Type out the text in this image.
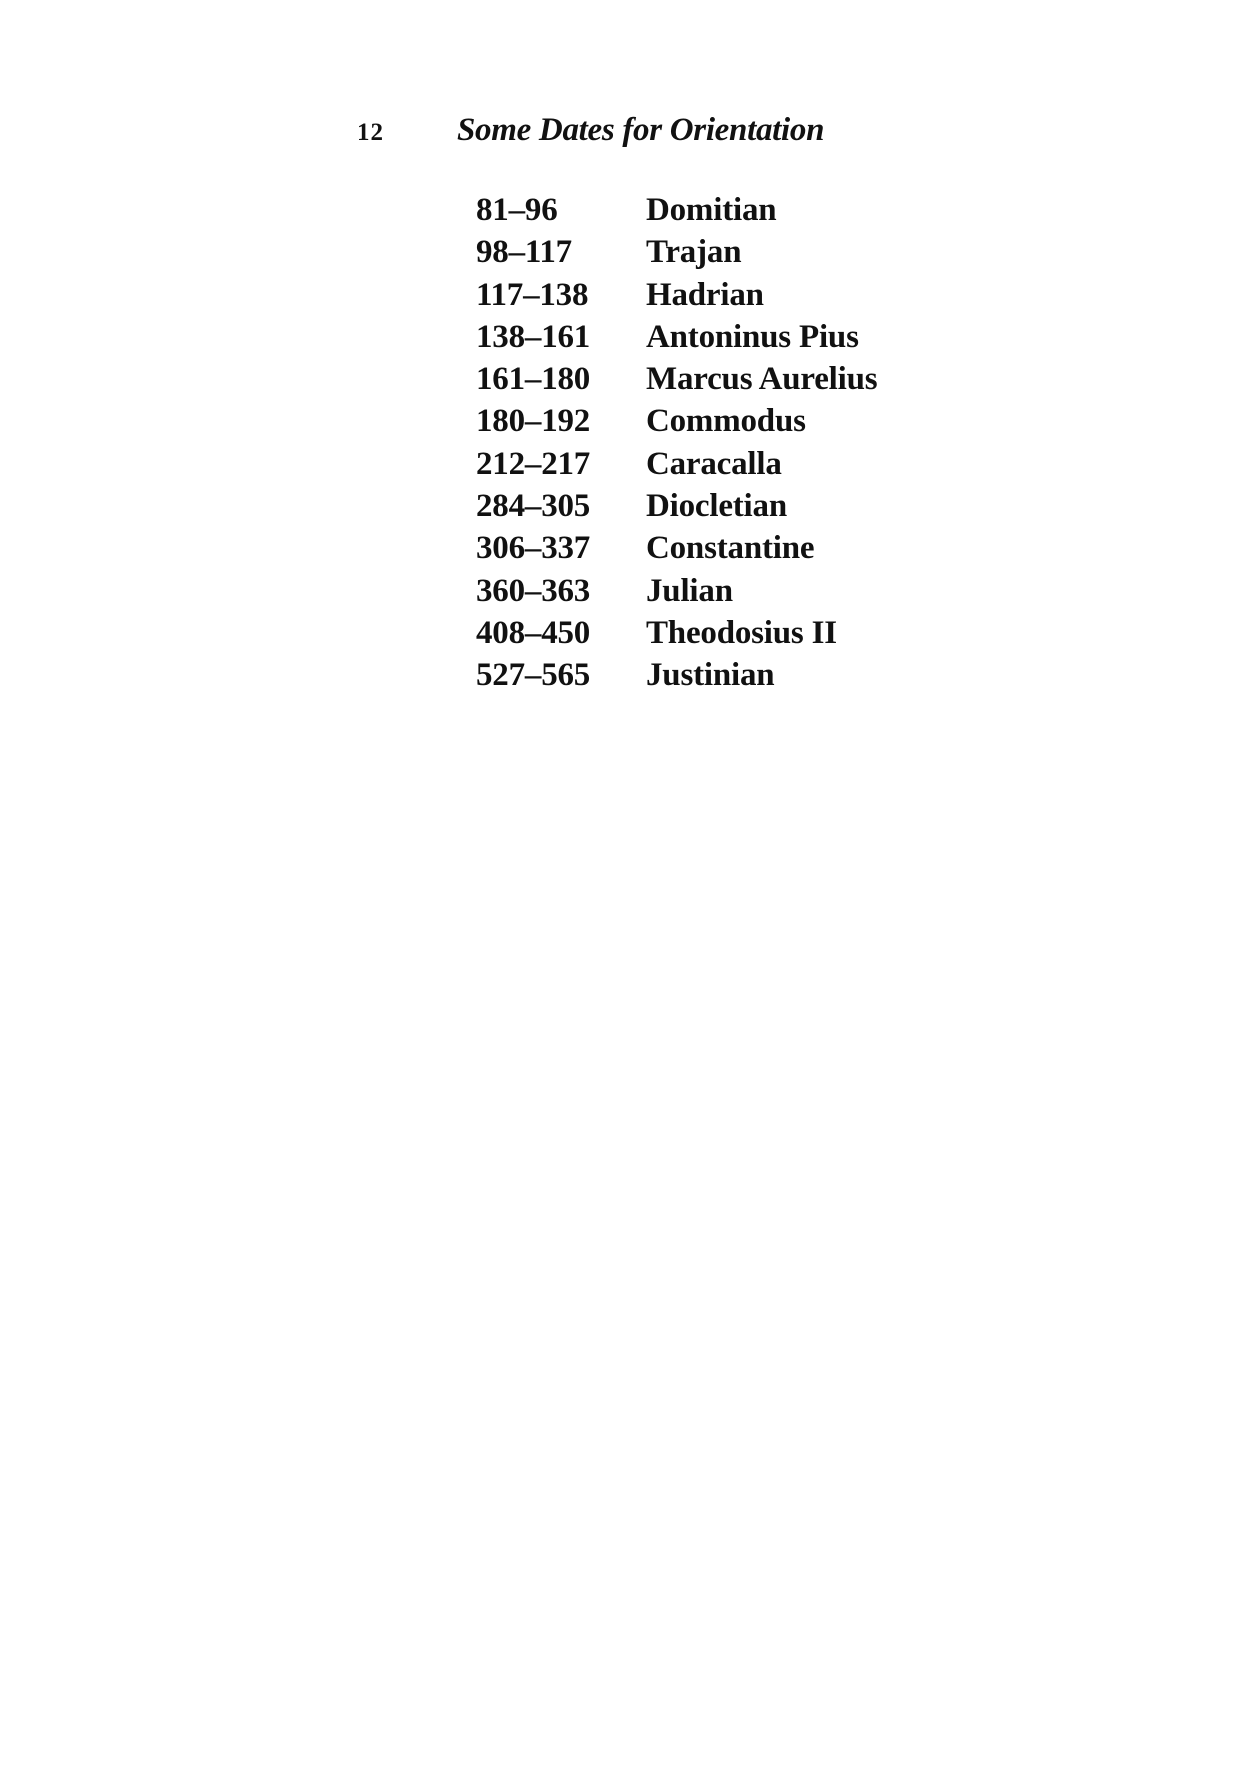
12	Some Dates for Orientation
81–96	Domitian
98–117	Trajan
117–138	Hadrian
138–161	Antoninus Pius
161–180	Marcus Aurelius
180–192	Commodus
212–217	Caracalla
284–305	Diocletian
306–337	Constantine
360–363	Julian
408–450	Theodosius II
527–565	Justinian
